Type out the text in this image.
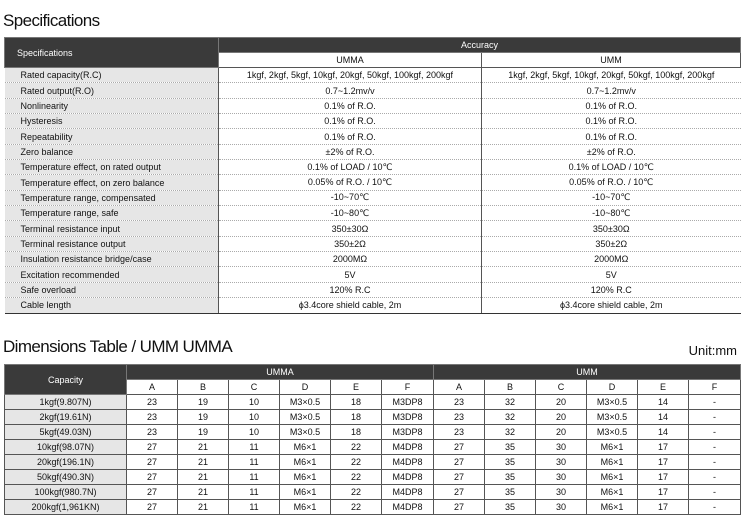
Specifications
Specifications	Accuracy	
	UMMA	UMM
Rated capacity(R.C)	1kgf, 2kgf, 5kgf, 10kgf, 20kgf, 50kgf, 100kgf, 200kgf	1kgf, 2kgf, 5kgf, 10kgf, 20kgf, 50kgf, 100kgf, 200kgf
Rated output(R.O)	0.7~1.2mv/v	0.7~1.2mv/v
Nonlinearity	0.1% of R.O.	0.1% of R.O.
Hysteresis	0.1% of R.O.	0.1% of R.O.
Repeatability	0.1% of R.O.	0.1% of R.O.
Zero balance	±2% of R.O.	±2% of R.O.
Temperature effect, on rated output	0.1% of LOAD / 10℃	0.1% of LOAD / 10℃
Temperature effect, on zero balance	0.05% of R.O. / 10℃	0.05% of R.O. / 10℃
Temperature range, compensated	-10~70℃	-10~70℃
Temperature range, safe	-10~80℃	-10~80℃
Terminal resistance input	350±30Ω	350±30Ω
Terminal resistance output	350±2Ω	350±2Ω
Insulation resistance bridge/case	2000MΩ	2000MΩ
Excitation recommended	5V	5V
Safe overload	120% R.C	120% R.C
Cable length	ϕ3.4core shield cable, 2m	ϕ3.4core shield cable, 2m
Dimensions Table / UMM UMMA	Unit:mm
Capacity	UMMA						UMM					
	A	B	C	D	E	F	A	B	C	D	E	F
1kgf(9.807N)	23	19	10	M3×0.5	18	M3DP8	23	32	20	M3×0.5	14	-
2kgf(19.61N)	23	19	10	M3×0.5	18	M3DP8	23	32	20	M3×0.5	14	-
5kgf(49.03N)	23	19	10	M3×0.5	18	M3DP8	23	32	20	M3×0.5	14	-
10kgf(98.07N)	27	21	11	M6×1	22	M4DP8	27	35	30	M6×1	17	-
20kgf(196.1N)	27	21	11	M6×1	22	M4DP8	27	35	30	M6×1	17	-
50kgf(490.3N)	27	21	11	M6×1	22	M4DP8	27	35	30	M6×1	17	-
100kgf(980.7N)	27	21	11	M6×1	22	M4DP8	27	35	30	M6×1	17	-
200kgf(1,961KN)	27	21	11	M6×1	22	M4DP8	27	35	30	M6×1	17	-
